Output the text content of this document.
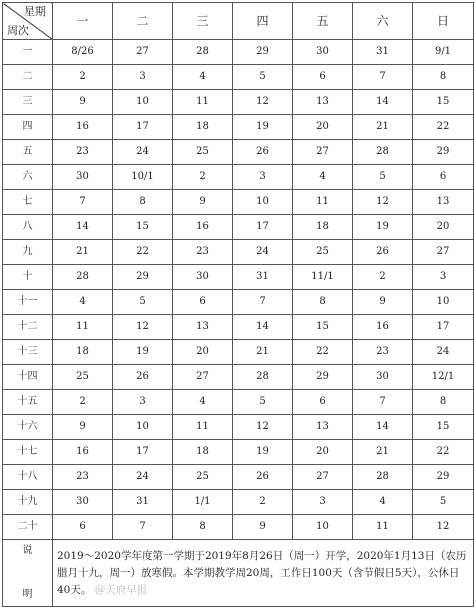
星期
周次	一	二	三	四	五	六	日
一	8/26	27	28	29	30	31	9/1
二	2	3	4	5	6	7	8
三	9	10	11	12	13	14	15
四	16	17	18	19	20	21	22
五	23	24	25	26	27	28	29
六	30	10/1	2	3	4	5	6
七	7	8	9	10	11	12	13
八	14	15	16	17	18	19	20
九	21	22	23	24	25	26	27
十	28	29	30	31	11/1	2	3
十一	4	5	6	7	8	9	10
十二	11	12	13	14	15	16	17
十三	18	19	20	21	22	23	24
十四	25	26	27	28	29	30	12/1
十五	2	3	4	5	6	7	8
十六	9	10	11	12	13	14	15
十七	16	17	18	19	20	21	22
十八	23	24	25	26	27	28	29
十九	30	31	1/1	2	3	4	5
二十	6	7	8	9	10	11	12
说

明	2019～2020学年度第一学期于2019年8月26日（周一）开学，2020年1月13日（农历腊月十九，周一）放寒假。本学期教学周20周，工作日100天（含节假日5天），公休日40天。 @天府早报						
